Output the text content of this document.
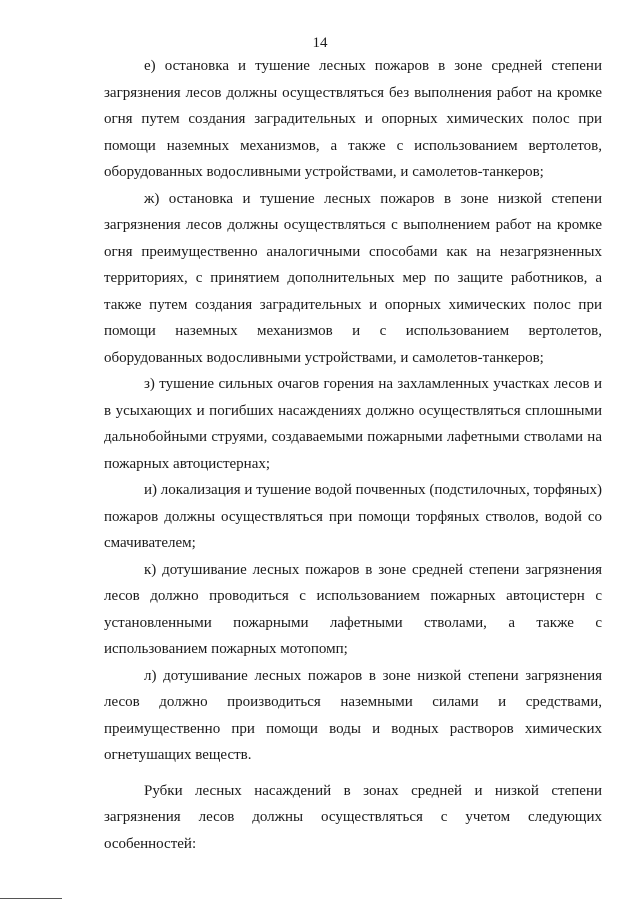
14

е) остановка и тушение лесных пожаров в зоне средней степени загрязнения лесов должны осуществляться без выполнения работ на кромке огня путем создания заградительных и опорных химических полос при помощи наземных механизмов, а также с использованием вертолетов, оборудованных водосливными устройствами, и самолетов-танкеров;

ж) остановка и тушение лесных пожаров в зоне низкой степени загрязнения лесов должны осуществляться с выполнением работ на кромке огня преимущественно аналогичными способами как на незагрязненных территориях, с принятием дополнительных мер по защите работников, а также путем создания заградительных и опорных химических полос при помощи наземных механизмов и с использованием вертолетов, оборудованных водосливными устройствами, и самолетов-танкеров;

з) тушение сильных очагов горения на захламленных участках лесов и в усыхающих и погибших насаждениях должно осуществляться сплошными дальнобойными струями, создаваемыми пожарными лафетными стволами на пожарных автоцистернах;

и) локализация и тушение водой почвенных (подстилочных, торфяных) пожаров должны осуществляться при помощи торфяных стволов, водой со смачивателем;

к) дотушивание лесных пожаров в зоне средней степени загрязнения лесов должно проводиться с использованием пожарных автоцистерн с установленными пожарными лафетными стволами, а также с использованием пожарных мотопомп;

л) дотушивание лесных пожаров в зоне низкой степени загрязнения лесов должно производиться наземными силами и средствами, преимущественно при помощи воды и водных растворов химических огнетушащих веществ.

Рубки лесных насаждений в зонах средней и низкой степени загрязнения лесов должны осуществляться с учетом следующих особенностей:
